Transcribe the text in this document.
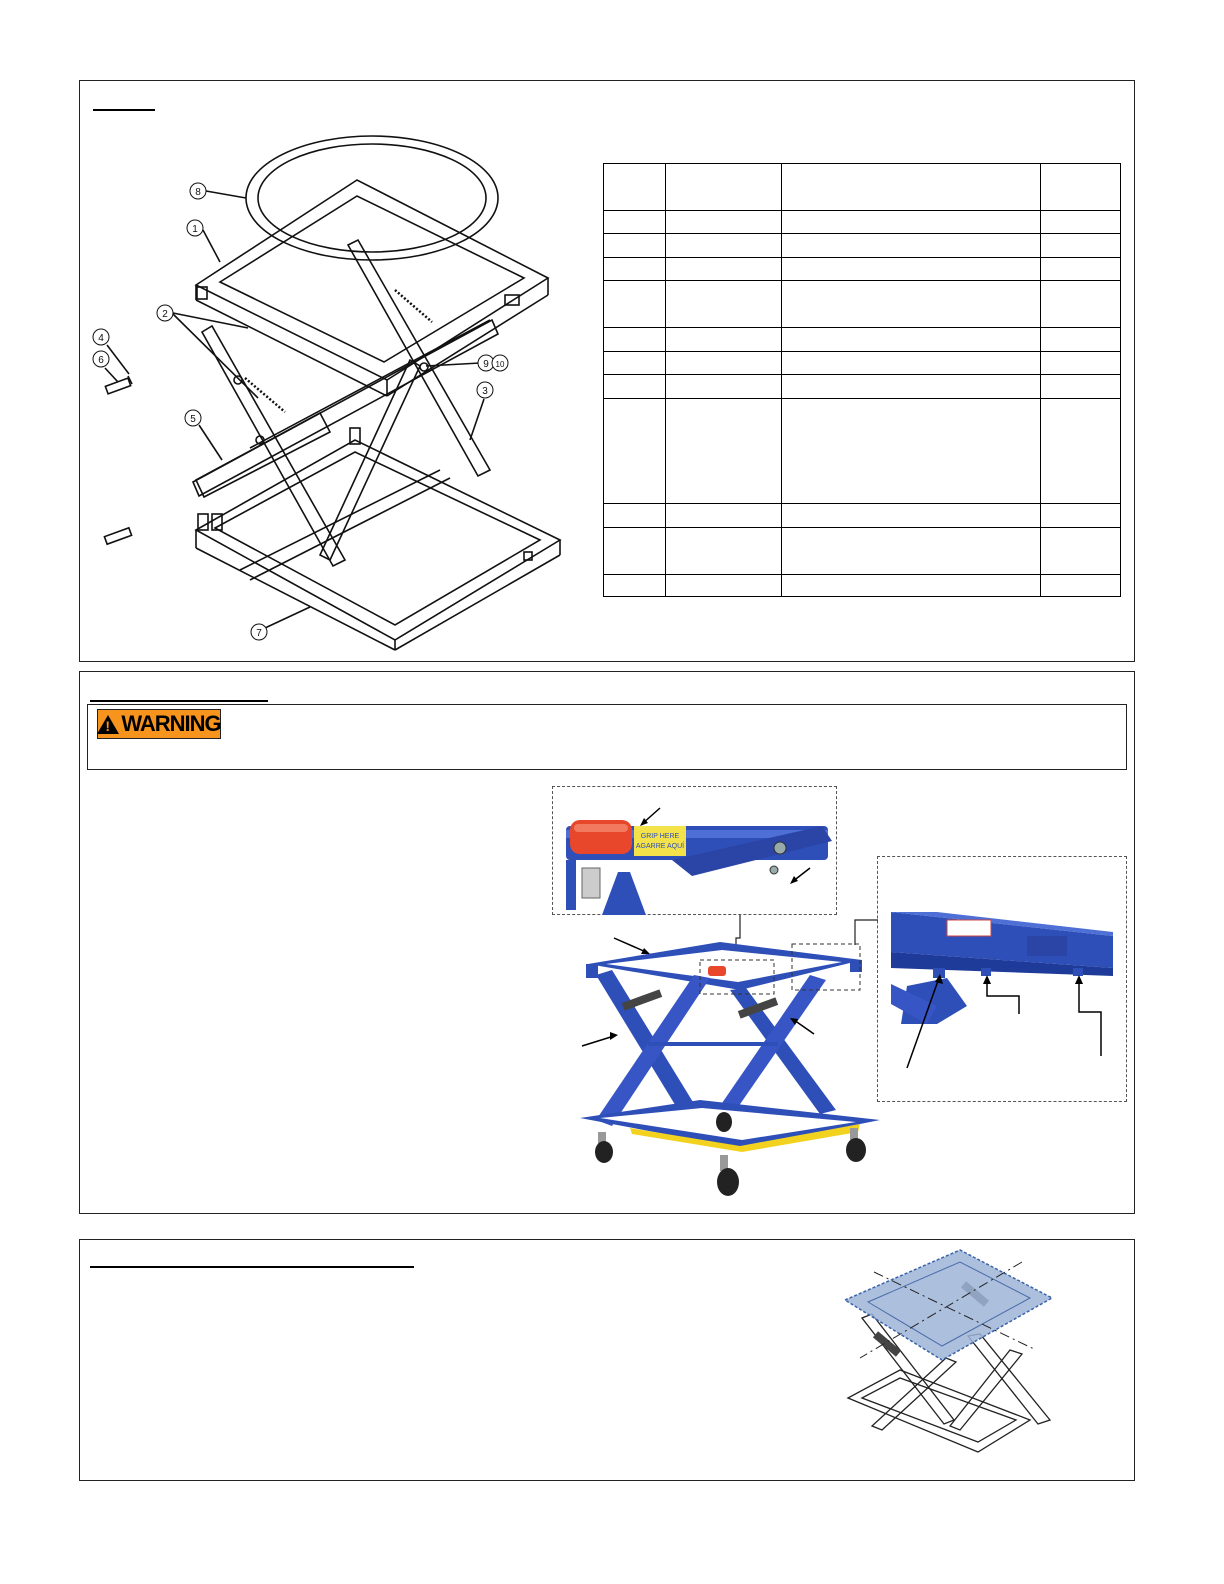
8
1
2
4
6
5
9 10
3
7

!
WARNING
GRIP HERE
AGARRE AQUÍ
